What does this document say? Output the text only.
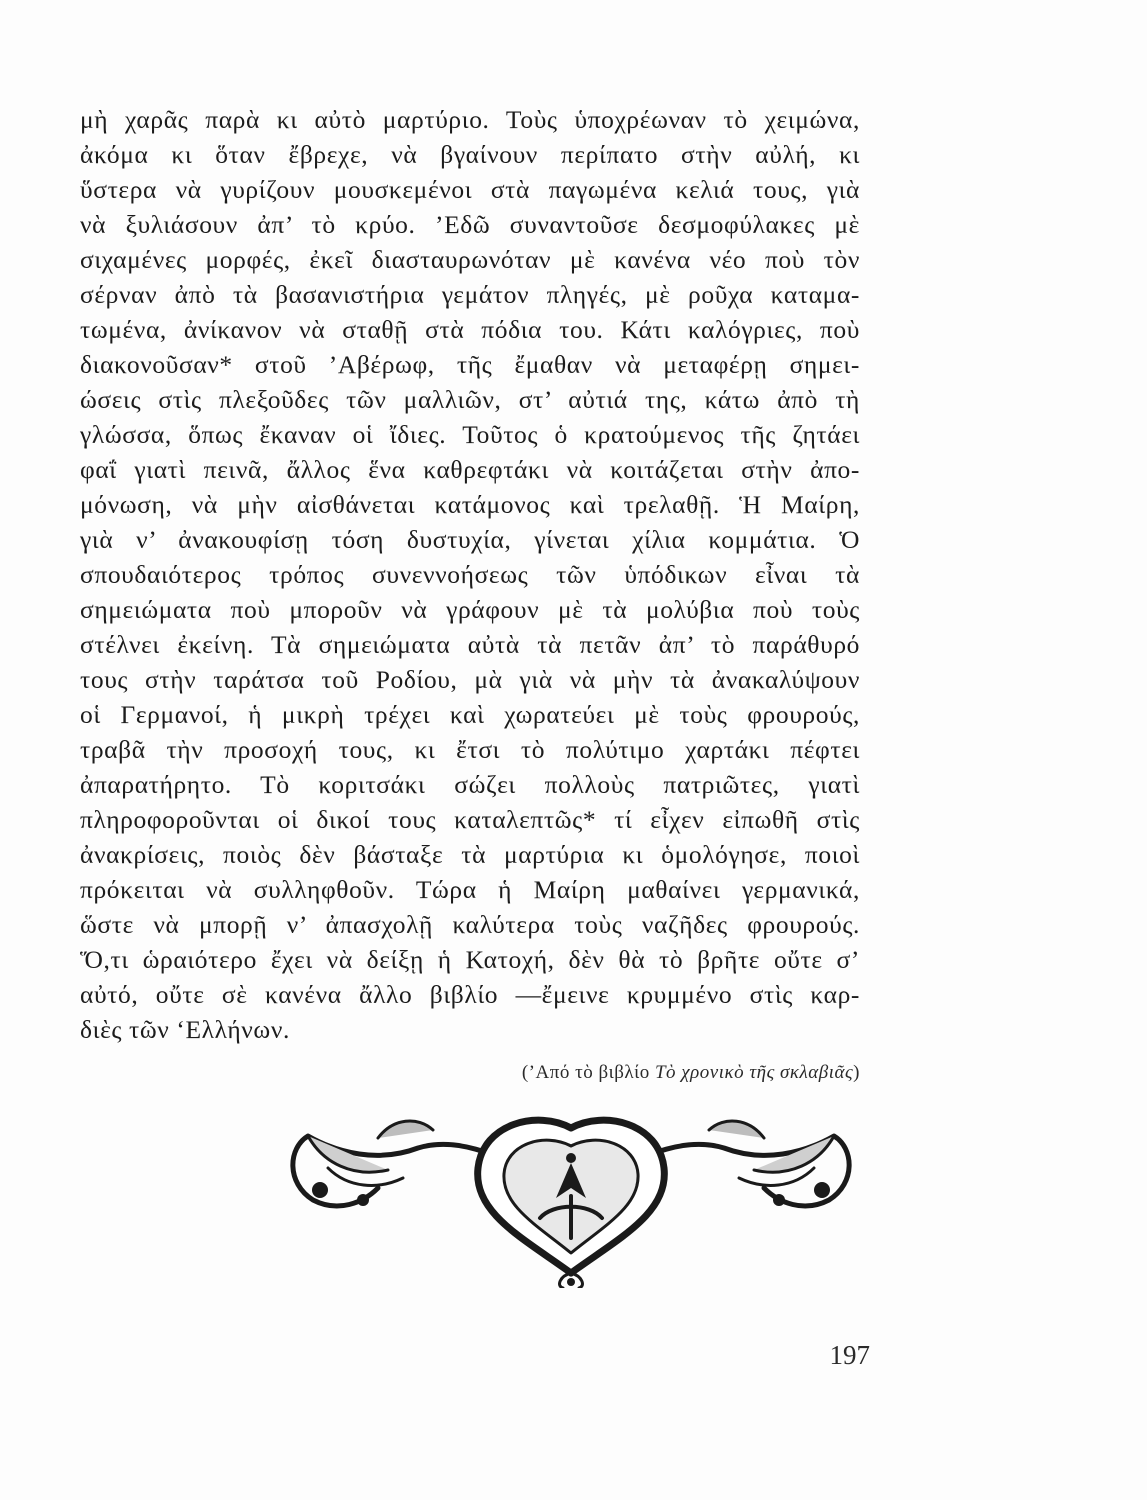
μὴ χαρᾶς παρὰ κι αὐτὸ μαρτύριο. Τοὺς ὑποχρέωναν τὸ χειμώνα,
ἀκόμα κι ὅταν ἔβρεχε, νὰ βγαίνουν περίπατο στὴν αὐλή, κι
ὕστερα νὰ γυρίζουν μουσκεμένοι στὰ παγωμένα κελιά τους, γιὰ
νὰ ξυλιάσουν ἀπ’ τὸ κρύο. ’Εδῶ συναντοῦσε δεσμοφύλακες μὲ
σιχαμένες μορφές, ἐκεῖ διασταυρωνόταν μὲ κανένα νέο ποὺ τὸν
σέρναν ἀπὸ τὰ βασανιστήρια γεμάτον πληγές, μὲ ροῦχα καταμα-
τωμένα, ἀνίκανον νὰ σταθῇ στὰ πόδια του. Κάτι καλόγριες, ποὺ
διακονοῦσαν* στοῦ ’Αβέρωφ, τῆς ἔμαθαν νὰ μεταφέρῃ σημει-
ώσεις στὶς πλεξοῦδες τῶν μαλλιῶν, στ’ αὐτιά της, κάτω ἀπὸ τὴ
γλώσσα, ὅπως ἔκαναν οἱ ἴδιες. Τοῦτος ὁ κρατούμενος τῆς ζητάει
φαΐ γιατὶ πεινᾶ, ἄλλος ἕνα καθρεφτάκι νὰ κοιτάζεται στὴν ἀπο-
μόνωση, νὰ μὴν αἰσθάνεται κατάμονος καὶ τρελαθῇ. Ἡ Μαίρη,
γιὰ ν’ ἀνακουφίσῃ τόση δυστυχία, γίνεται χίλια κομμάτια. Ὁ
σπουδαιότερος τρόπος συνεννοήσεως τῶν ὑπόδικων εἶναι τὰ
σημειώματα ποὺ μποροῦν νὰ γράφουν μὲ τὰ μολύβια ποὺ τοὺς
στέλνει ἐκείνη. Τὰ σημειώματα αὐτὰ τὰ πετᾶν ἀπ’ τὸ παράθυρό
τους στὴν ταράτσα τοῦ Ροδίου, μὰ γιὰ νὰ μὴν τὰ ἀνακαλύψουν
οἱ Γερμανοί, ἡ μικρὴ τρέχει καὶ χωρατεύει μὲ τοὺς φρουρούς,
τραβᾶ τὴν προσοχή τους, κι ἔτσι τὸ πολύτιμο χαρτάκι πέφτει
ἀπαρατήρητο. Τὸ κοριτσάκι σώζει πολλοὺς πατριῶτες, γιατὶ
πληροφοροῦνται οἱ δικοί τους καταλεπτῶς* τί εἶχεν εἰπωθῆ στὶς
ἀνακρίσεις, ποιὸς δὲν βάσταξε τὰ μαρτύρια κι ὁμολόγησε, ποιοὶ
πρόκειται νὰ συλληφθοῦν. Τώρα ἡ Μαίρη μαθαίνει γερμανικά,
ὥστε νὰ μπορῇ ν’ ἀπασχολῇ καλύτερα τοὺς ναζῆδες φρουρούς.
Ὅ,τι ὡραιότερο ἔχει νὰ δείξῃ ἡ Κατοχή, δὲν θὰ τὸ βρῆτε οὔτε σ’
αὐτό, οὔτε σὲ κανένα ἄλλο βιβλίο —ἔμεινε κρυμμένο στὶς καρ-
διὲς τῶν ‘Ελλήνων.
(’Από τὸ βιβλίο Τὸ χρονικὸ τῆς σκλαβιᾶς)
197
